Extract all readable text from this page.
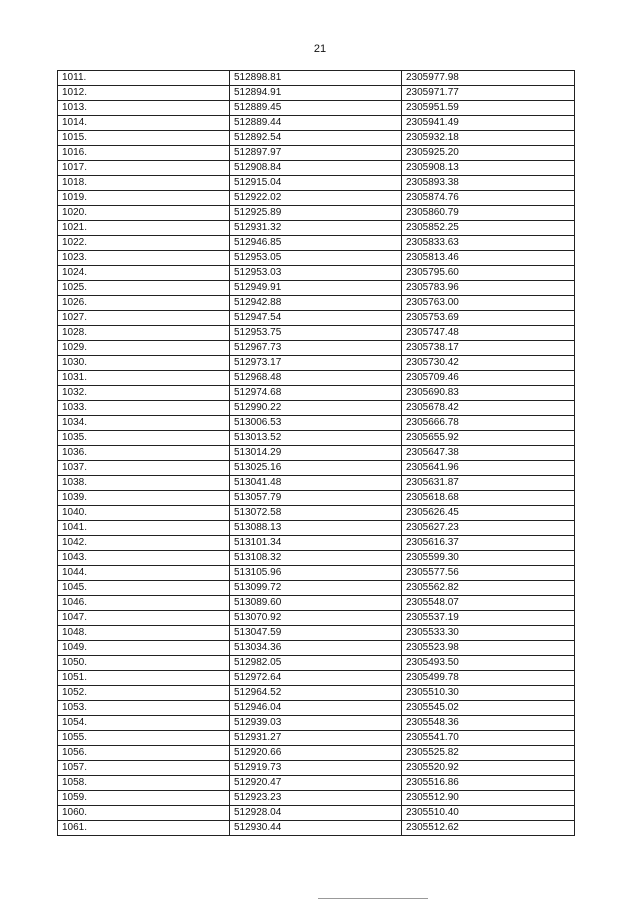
21
1011.	512898.81	2305977.98
1012.	512894.91	2305971.77
1013.	512889.45	2305951.59
1014.	512889.44	2305941.49
1015.	512892.54	2305932.18
1016.	512897.97	2305925.20
1017.	512908.84	2305908.13
1018.	512915.04	2305893.38
1019.	512922.02	2305874.76
1020.	512925.89	2305860.79
1021.	512931.32	2305852.25
1022.	512946.85	2305833.63
1023.	512953.05	2305813.46
1024.	512953.03	2305795.60
1025.	512949.91	2305783.96
1026.	512942.88	2305763.00
1027.	512947.54	2305753.69
1028.	512953.75	2305747.48
1029.	512967.73	2305738.17
1030.	512973.17	2305730.42
1031.	512968.48	2305709.46
1032.	512974.68	2305690.83
1033.	512990.22	2305678.42
1034.	513006.53	2305666.78
1035.	513013.52	2305655.92
1036.	513014.29	2305647.38
1037.	513025.16	2305641.96
1038.	513041.48	2305631.87
1039.	513057.79	2305618.68
1040.	513072.58	2305626.45
1041.	513088.13	2305627.23
1042.	513101.34	2305616.37
1043.	513108.32	2305599.30
1044.	513105.96	2305577.56
1045.	513099.72	2305562.82
1046.	513089.60	2305548.07
1047.	513070.92	2305537.19
1048.	513047.59	2305533.30
1049.	513034.36	2305523.98
1050.	512982.05	2305493.50
1051.	512972.64	2305499.78
1052.	512964.52	2305510.30
1053.	512946.04	2305545.02
1054.	512939.03	2305548.36
1055.	512931.27	2305541.70
1056.	512920.66	2305525.82
1057.	512919.73	2305520.92
1058.	512920.47	2305516.86
1059.	512923.23	2305512.90
1060.	512928.04	2305510.40
1061.	512930.44	2305512.62
